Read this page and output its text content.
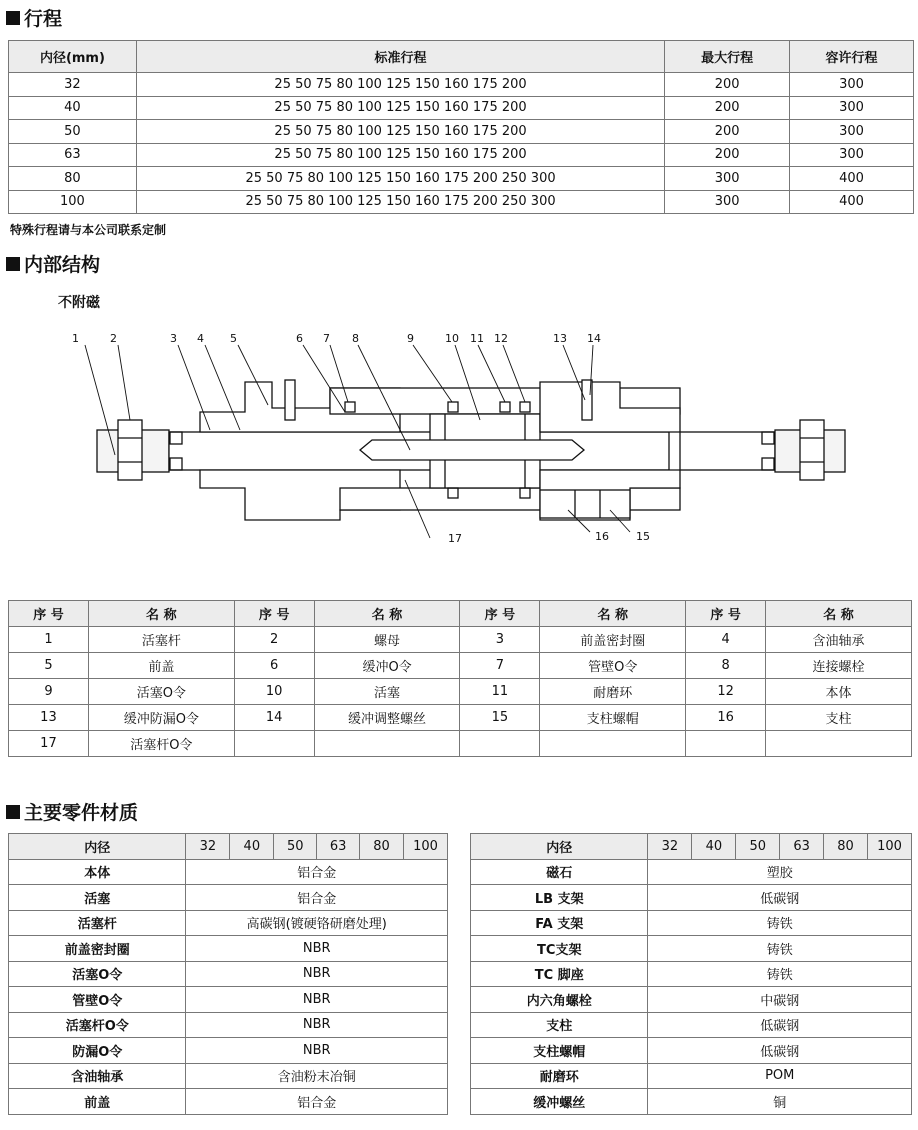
行程
内径(mm)	标准行程	最大行程	容许行程
32	25 50 75 80 100 125 150 160 175 200	200	300
40	25 50 75 80 100 125 150 160 175 200	200	300
50	25 50 75 80 100 125 150 160 175 200	200	300
63	25 50 75 80 100 125 150 160 175 200	200	300
80	25 50 75 80 100 125 150 160 175 200 250 300	300	400
100	25 50 75 80 100 125 150 160 175 200 250 300	300	400
特殊行程请与本公司联系定制
内部结构
不附磁
1	2	3 4 5	6 7 8	9	10 11 12	13 14
15
16
17
序 号	名 称	序 号	名 称	序 号	名 称	序 号	名 称
1	活塞杆	2	螺母	3	前盖密封圈	4	含油轴承
5	前盖	6	缓冲O令	7	管壁O令	8	连接螺栓
9	活塞O令	10	活塞	11	耐磨环	12	本体
13	缓冲防漏O令	14	缓冲调整螺丝	15	支柱螺帽	16	支柱
17	活塞杆O令						
主要零件材质
内径	32	40	50	63	80	100
本体	铝合金					
活塞	铝合金					
活塞杆	高碳钢(镀硬铬研磨处理)					
前盖密封圈	NBR					
活塞O令	NBR					
管壁O令	NBR					
活塞杆O令	NBR					
防漏O令	NBR					
含油轴承	含油粉末冶铜					
前盖	铝合金					
内径	32	40	50	63	80	100
磁石	塑胶					
LB 支架	低碳钢					
FA 支架	铸铁					
TC支架	铸铁					
TC 脚座	铸铁					
内六角螺栓	中碳钢					
支柱	低碳钢					
支柱螺帽	低碳钢					
耐磨环	POM					
缓冲螺丝	铜					
